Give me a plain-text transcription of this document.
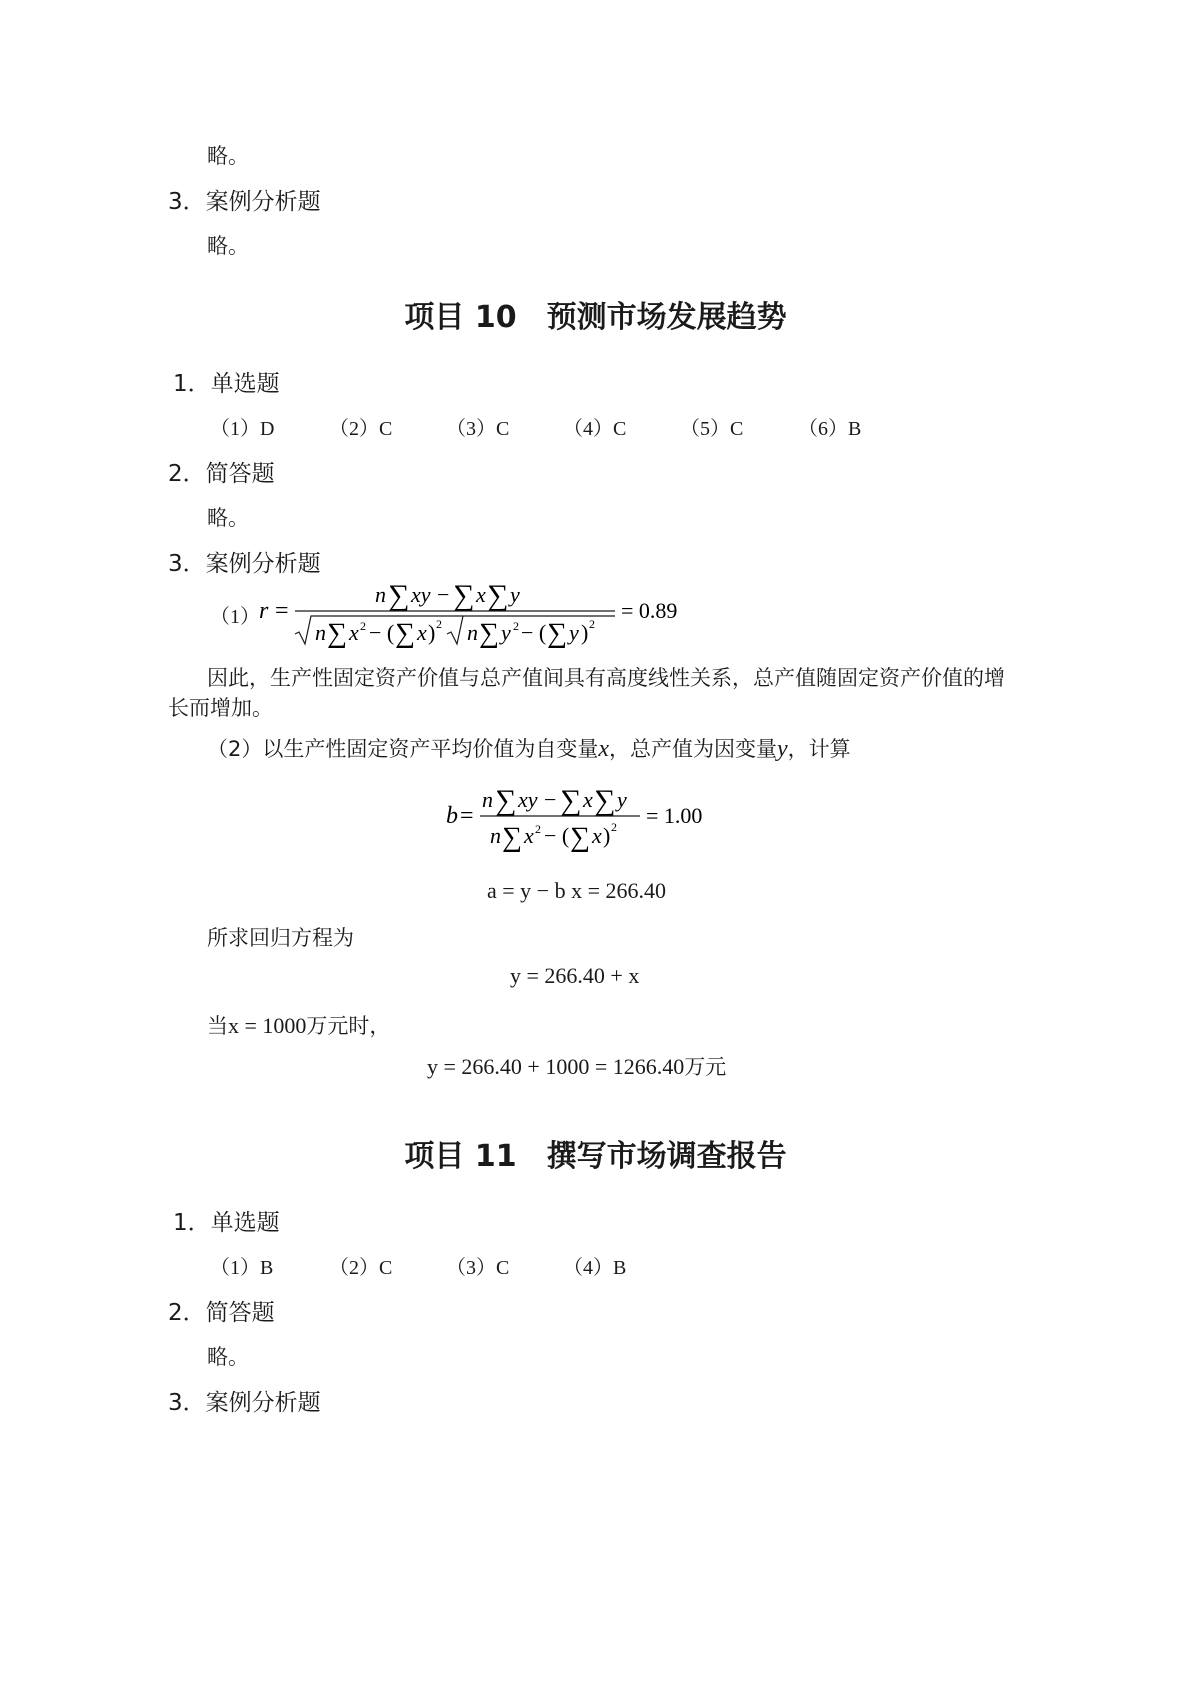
略。
3．案例分析题
略。
项目 10　预测市场发展趋势
1．单选题
（1）D	（2）C	（3）C	（4）C	（5）C	（6）B
2．简答题
略。
3．案例分析题
（1） r =
n ∑ xy − ∑ x ∑ y
n ∑ x 2 − ( ∑ x ) 2 n ∑ y 2 − ( ∑ y ) 2
= 0.89
因此，生产性固定资产价值与总产值间具有高度线性关系，总产值随固定资产价值的增
长而增加。
（2）以生产性固定资产平均价值为自变量x，总产值为因变量y，计算
b =
n ∑ xy − ∑ x ∑ y
n ∑ x 2 − ( ∑ x ) 2 = 1.00
a = y − b x = 266.40
所求回归方程为
y = 266.40 + x
当x = 1000万元时，
y = 266.40 + 1000 = 1266.40万元
项目 11　撰写市场调查报告
1．单选题
（1）B	（2）C	（3）C	（4）B
2．简答题
略。
3．案例分析题
